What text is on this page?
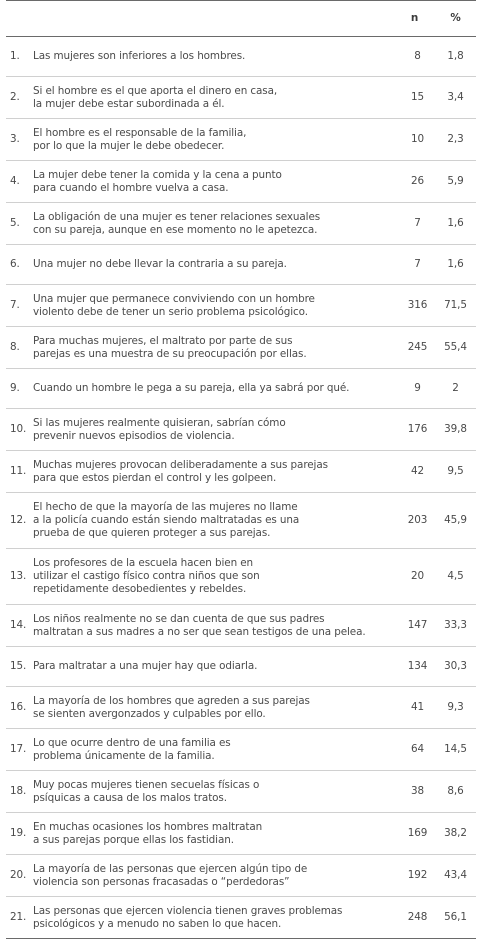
		n	%
1.	Las mujeres son inferiores a los hombres.	8	1,8
2.	Si el hombre es el que aporta el dinero en casa,
la mujer debe estar subordinada a él.	15	3,4
3.	El hombre es el responsable de la familia,
por lo que la mujer le debe obedecer.	10	2,3
4.	La mujer debe tener la comida y la cena a punto
para cuando el hombre vuelva a casa.	26	5,9
5.	La obligación de una mujer es tener relaciones sexuales
con su pareja, aunque en ese momento no le apetezca.	7	1,6
6.	Una mujer no debe llevar la contraria a su pareja.	7	1,6
7.	Una mujer que permanece conviviendo con un hombre
violento debe de tener un serio problema psicológico.	316	71,5
8.	Para muchas mujeres, el maltrato por parte de sus
parejas es una muestra de su preocupación por ellas.	245	55,4
9.	Cuando un hombre le pega a su pareja, ella ya sabrá por qué.	9	2
10.	Si las mujeres realmente quisieran, sabrían cómo
prevenir nuevos episodios de violencia.	176	39,8
11.	Muchas mujeres provocan deliberadamente a sus parejas
para que estos pierdan el control y les golpeen.	42	9,5
12.	El hecho de que la mayoría de las mujeres no llame
a la policía cuando están siendo maltratadas es una
prueba de que quieren proteger a sus parejas.	203	45,9
13.	Los profesores de la escuela hacen bien en
utilizar el castigo físico contra niños que son
repetidamente desobedientes y rebeldes.	20	4,5
14.	Los niños realmente no se dan cuenta de que sus padres
maltratan a sus madres a no ser que sean testigos de una pelea.	147	33,3
15.	Para maltratar a una mujer hay que odiarla.	134	30,3
16.	La mayoría de los hombres que agreden a sus parejas
se sienten avergonzados y culpables por ello.	41	9,3
17.	Lo que ocurre dentro de una familia es
problema únicamente de la familia.	64	14,5
18.	Muy pocas mujeres tienen secuelas físicas o
psíquicas a causa de los malos tratos.	38	8,6
19.	En muchas ocasiones los hombres maltratan
a sus parejas porque ellas los fastidian.	169	38,2
20.	La mayoría de las personas que ejercen algún tipo de
violencia son personas fracasadas o “perdedoras”	192	43,4
21.	Las personas que ejercen violencia tienen graves problemas
psicológicos y a menudo no saben lo que hacen.	248	56,1
